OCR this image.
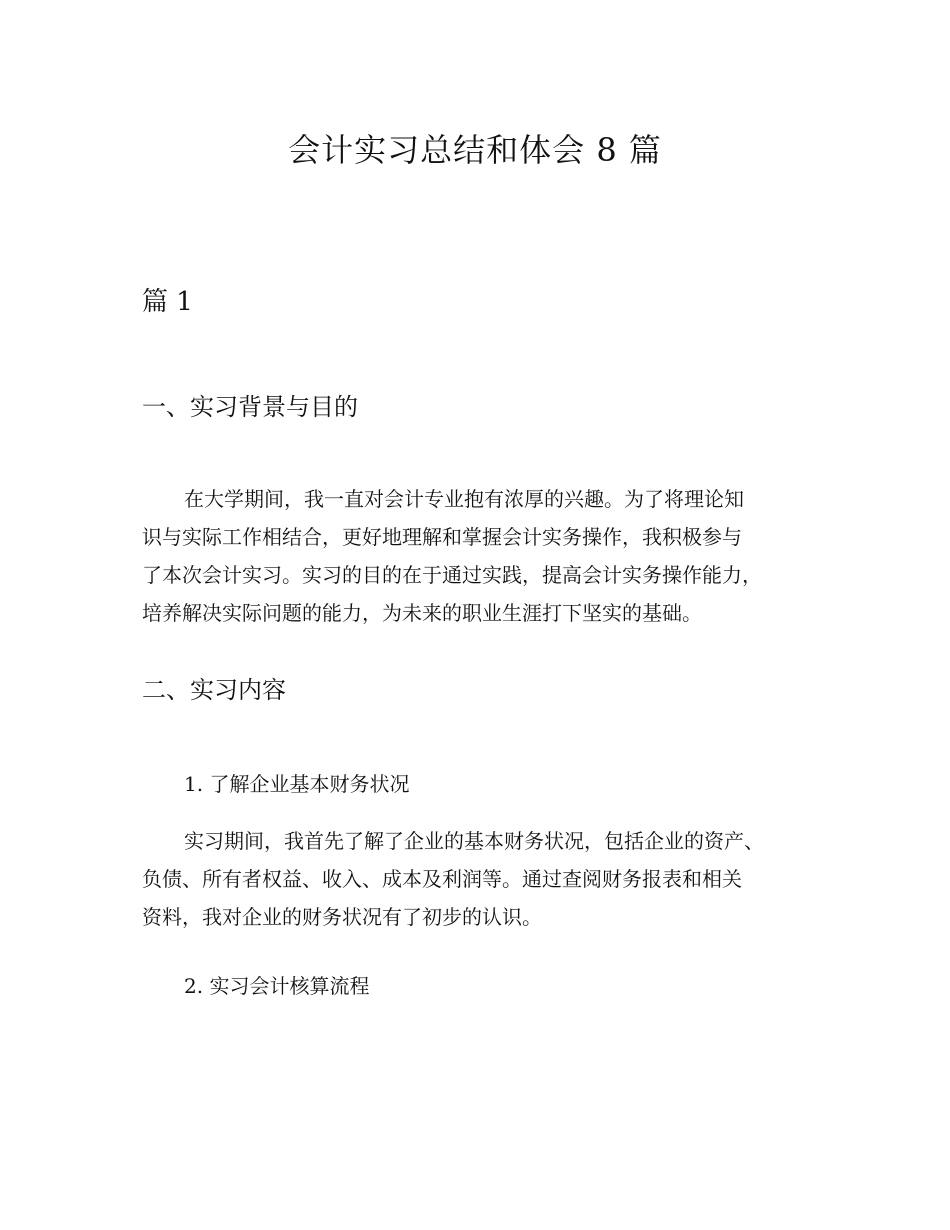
会计实习总结和体会 8 篇
篇 1
一、实习背景与目的

在大学期间，我一直对会计专业抱有浓厚的兴趣。为了将理论知
识与实际工作相结合，更好地理解和掌握会计实务操作，我积极参与
了本次会计实习。实习的目的在于通过实践，提高会计实务操作能力，
培养解决实际问题的能力，为未来的职业生涯打下坚实的基础。

二、实习内容
1. 了解企业基本财务状况

实习期间，我首先了解了企业的基本财务状况，包括企业的资产、
负债、所有者权益、收入、成本及利润等。通过查阅财务报表和相关
资料，我对企业的财务状况有了初步的认识。

2. 实习会计核算流程
